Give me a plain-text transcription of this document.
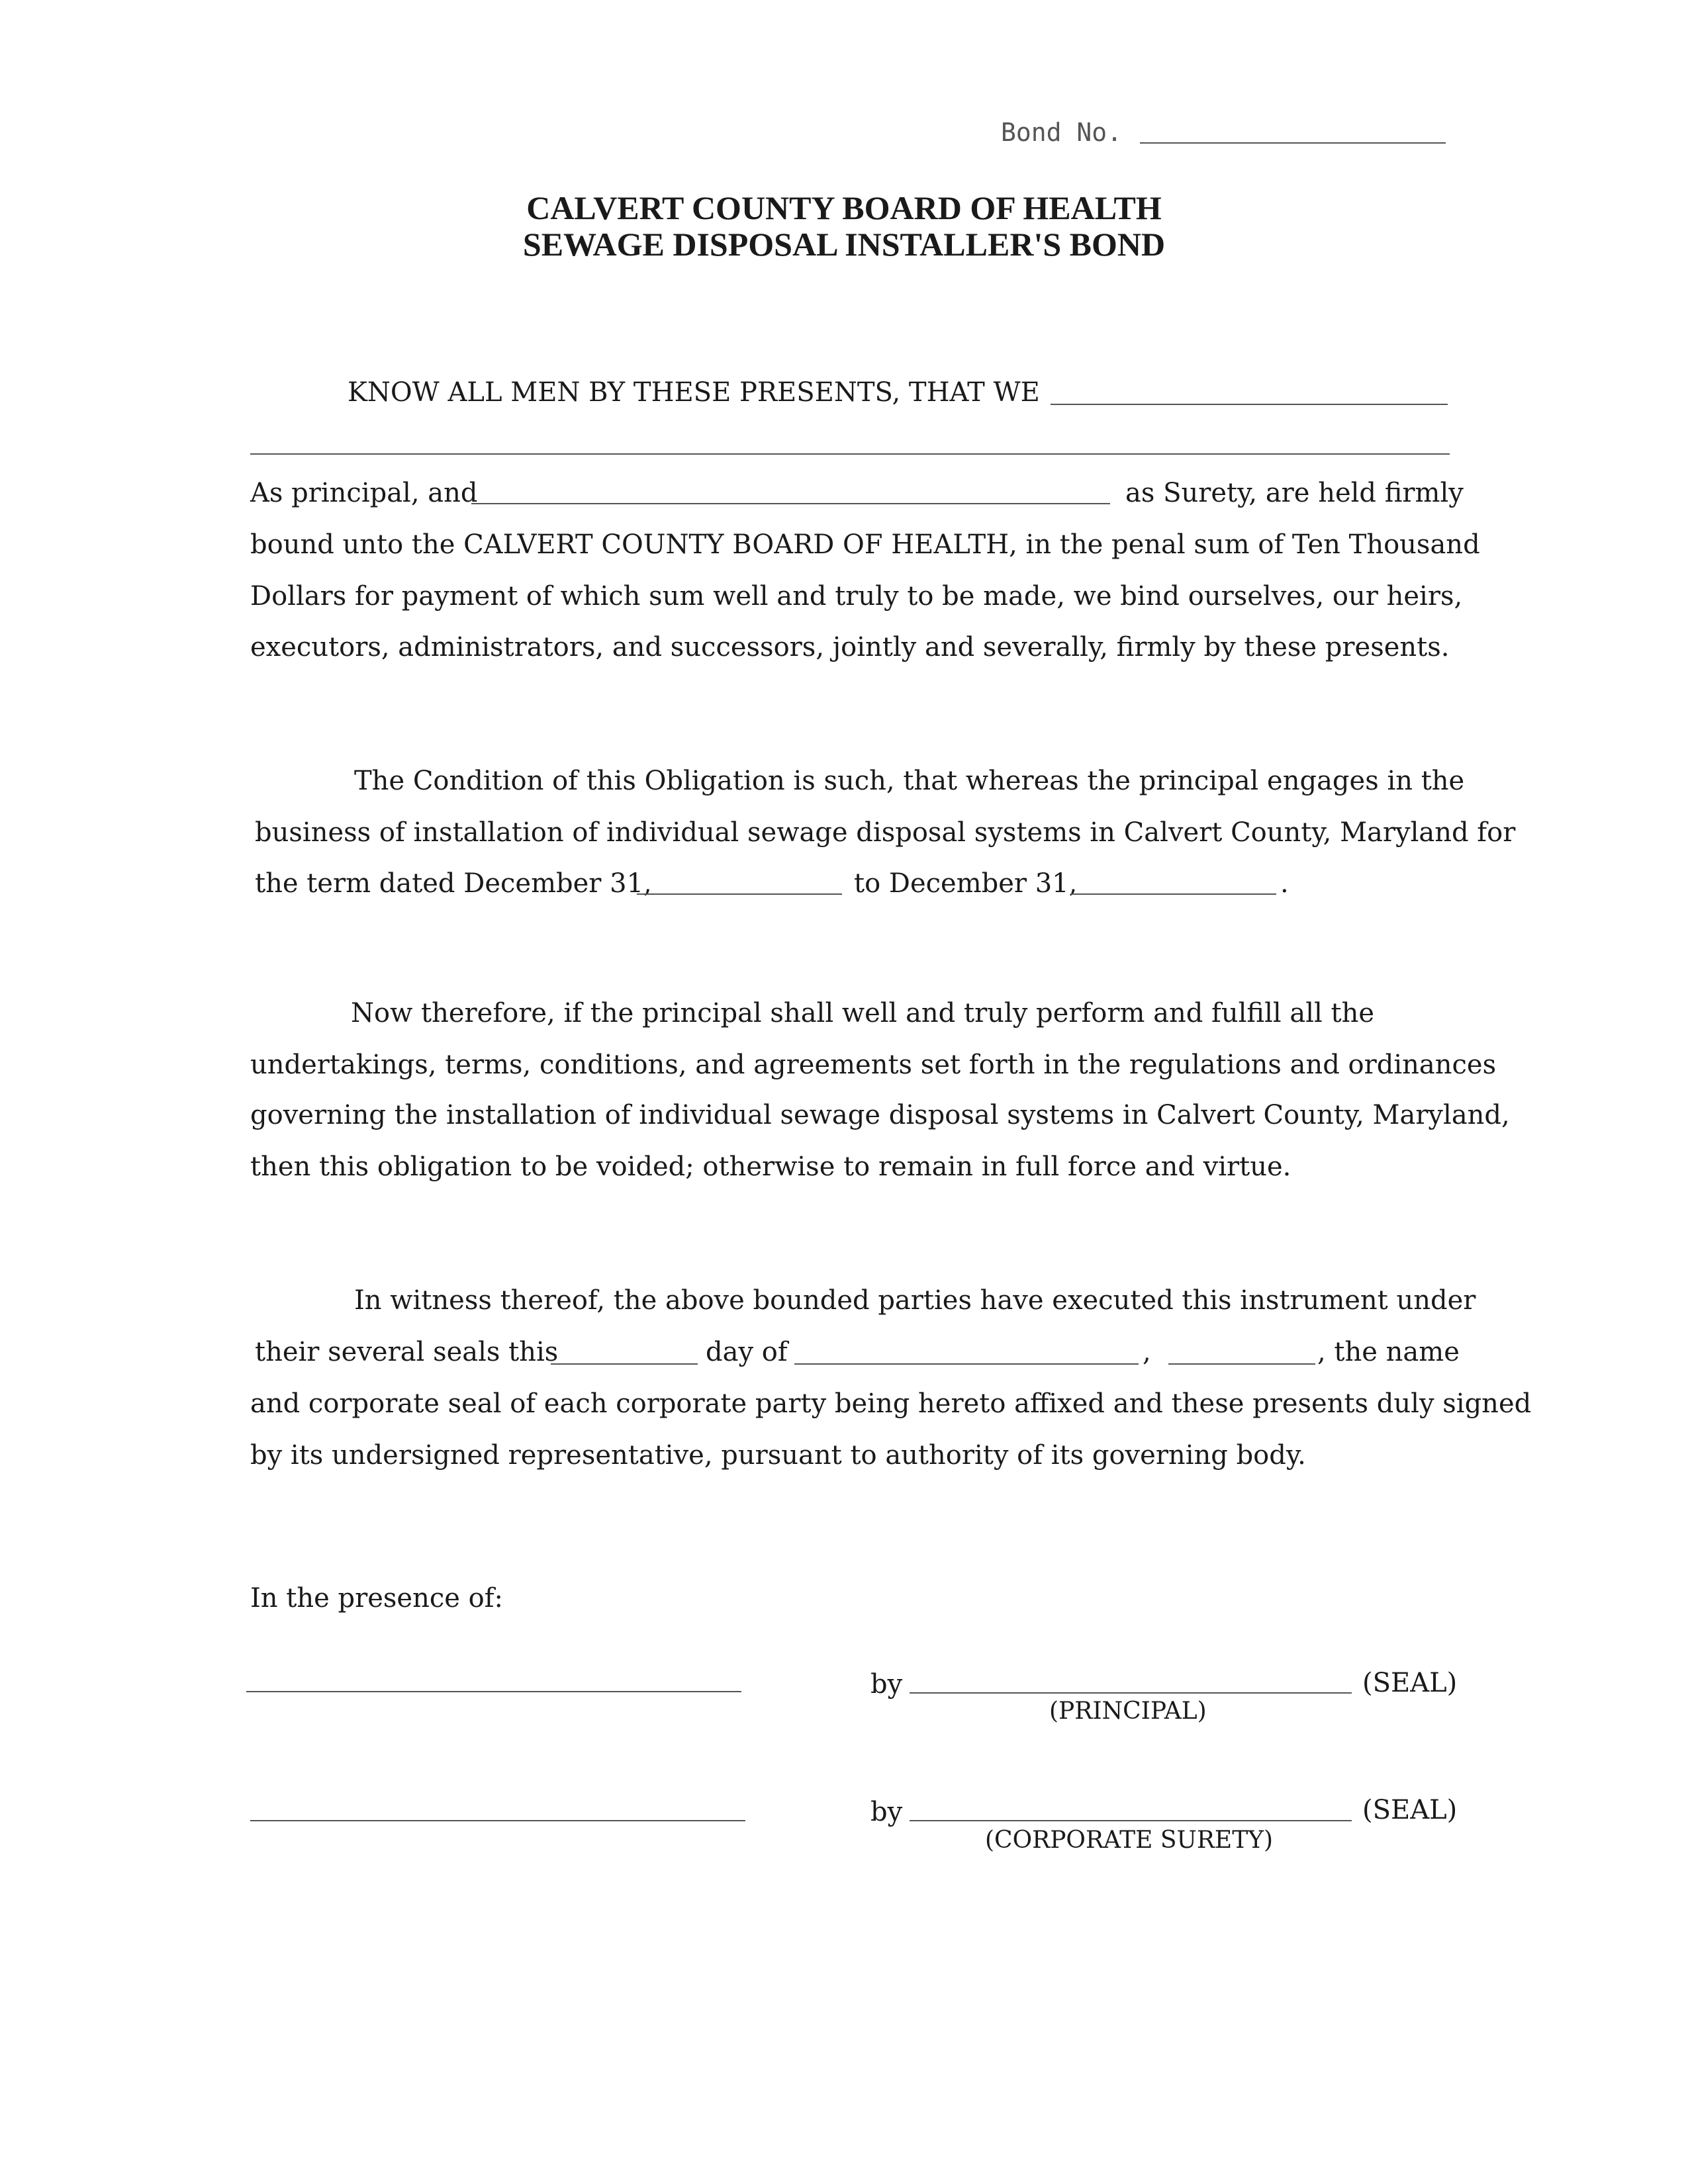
Bond No.
CALVERT COUNTY BOARD OF HEALTH
SEWAGE DISPOSAL INSTALLER'S BOND
KNOW ALL MEN BY THESE PRESENTS, THAT WE
As principal, and	as Surety, are held firmly
bound unto the CALVERT COUNTY BOARD OF HEALTH, in the penal sum of Ten Thousand
Dollars for payment of which sum well and truly to be made, we bind ourselves, our heirs,
executors, administrators, and successors, jointly and severally, firmly by these presents.
The Condition of this Obligation is such, that whereas the principal engages in the
business of installation of individual sewage disposal systems in Calvert County, Maryland for
the term dated December 31,	to December 31,	.
Now therefore, if the principal shall well and truly perform and fulfill all the
undertakings, terms, conditions, and agreements set forth in the regulations and ordinances
governing the installation of individual sewage disposal systems in Calvert County, Maryland,
then this obligation to be voided; otherwise to remain in full force and virtue.
In witness thereof, the above bounded parties have executed this instrument under
their several seals this	day of	,	, the name
and corporate seal of each corporate party being hereto affixed and these presents duly signed
by its undersigned representative, pursuant to authority of its governing body.
In the presence of:
by	(SEAL)
(PRINCIPAL)
by	(SEAL)
(CORPORATE SURETY)
